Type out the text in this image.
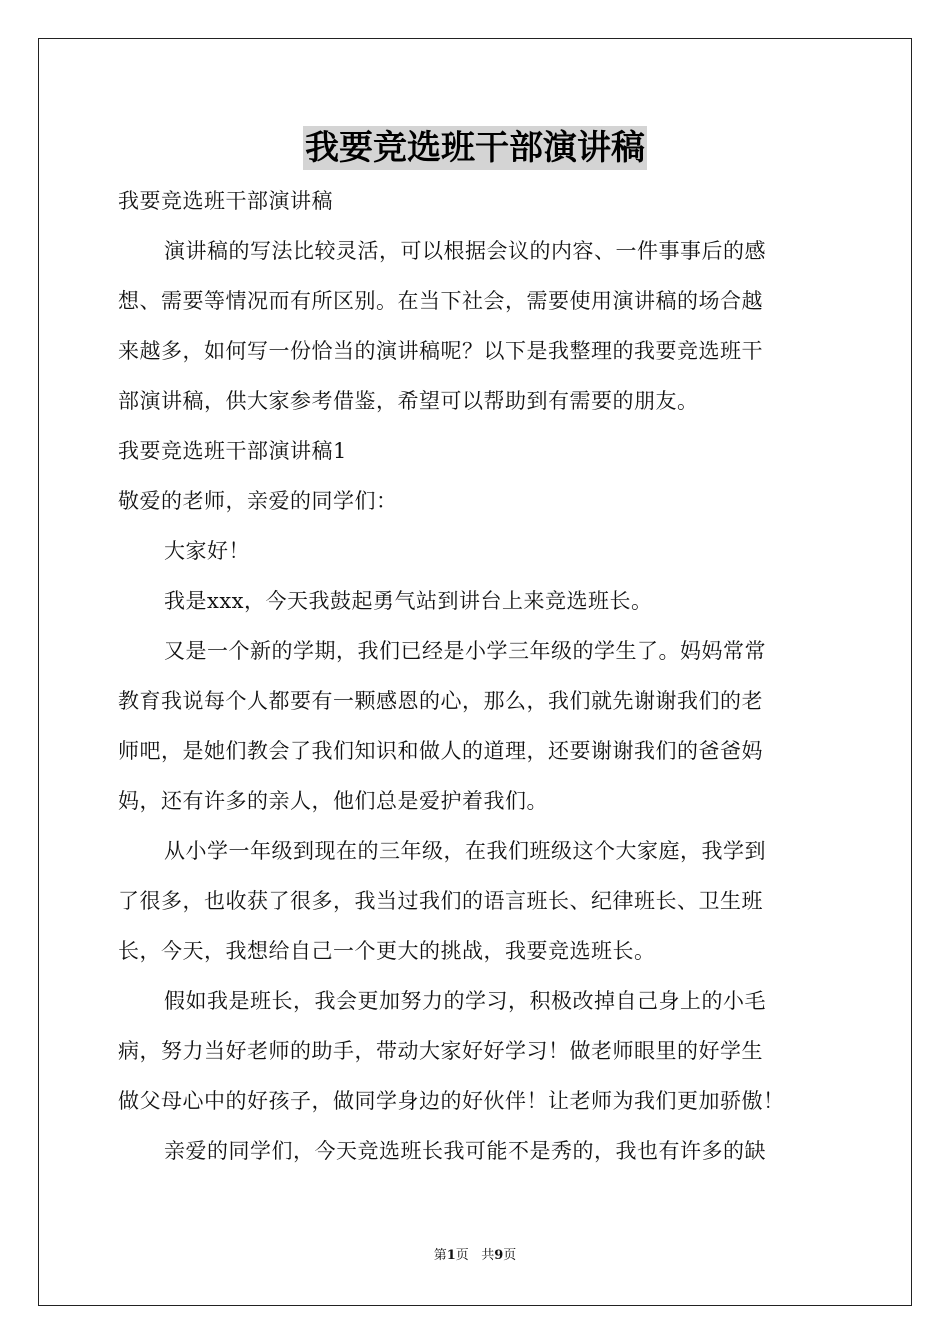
我要竞选班干部演讲稿
我要竞选班干部演讲稿
演讲稿的写法比较灵活，可以根据会议的内容、一件事事后的感
想、需要等情况而有所区别。在当下社会，需要使用演讲稿的场合越
来越多，如何写一份恰当的演讲稿呢？以下是我整理的我要竞选班干
部演讲稿，供大家参考借鉴，希望可以帮助到有需要的朋友。
我要竞选班干部演讲稿1
敬爱的老师，亲爱的同学们：
大家好！
我是xxx，今天我鼓起勇气站到讲台上来竞选班长。
又是一个新的学期，我们已经是小学三年级的学生了。妈妈常常
教育我说每个人都要有一颗感恩的心，那么，我们就先谢谢我们的老
师吧，是她们教会了我们知识和做人的道理，还要谢谢我们的爸爸妈
妈，还有许多的亲人，他们总是爱护着我们。
从小学一年级到现在的三年级，在我们班级这个大家庭，我学到
了很多，也收获了很多，我当过我们的语言班长、纪律班长、卫生班
长，今天，我想给自己一个更大的挑战，我要竞选班长。
假如我是班长，我会更加努力的学习，积极改掉自己身上的小毛
病，努力当好老师的助手，带动大家好好学习！做老师眼里的好学生
做父母心中的好孩子，做同学身边的好伙伴！让老师为我们更加骄傲！
亲爱的同学们，今天竞选班长我可能不是秀的，我也有许多的缺
第1页 共9页
